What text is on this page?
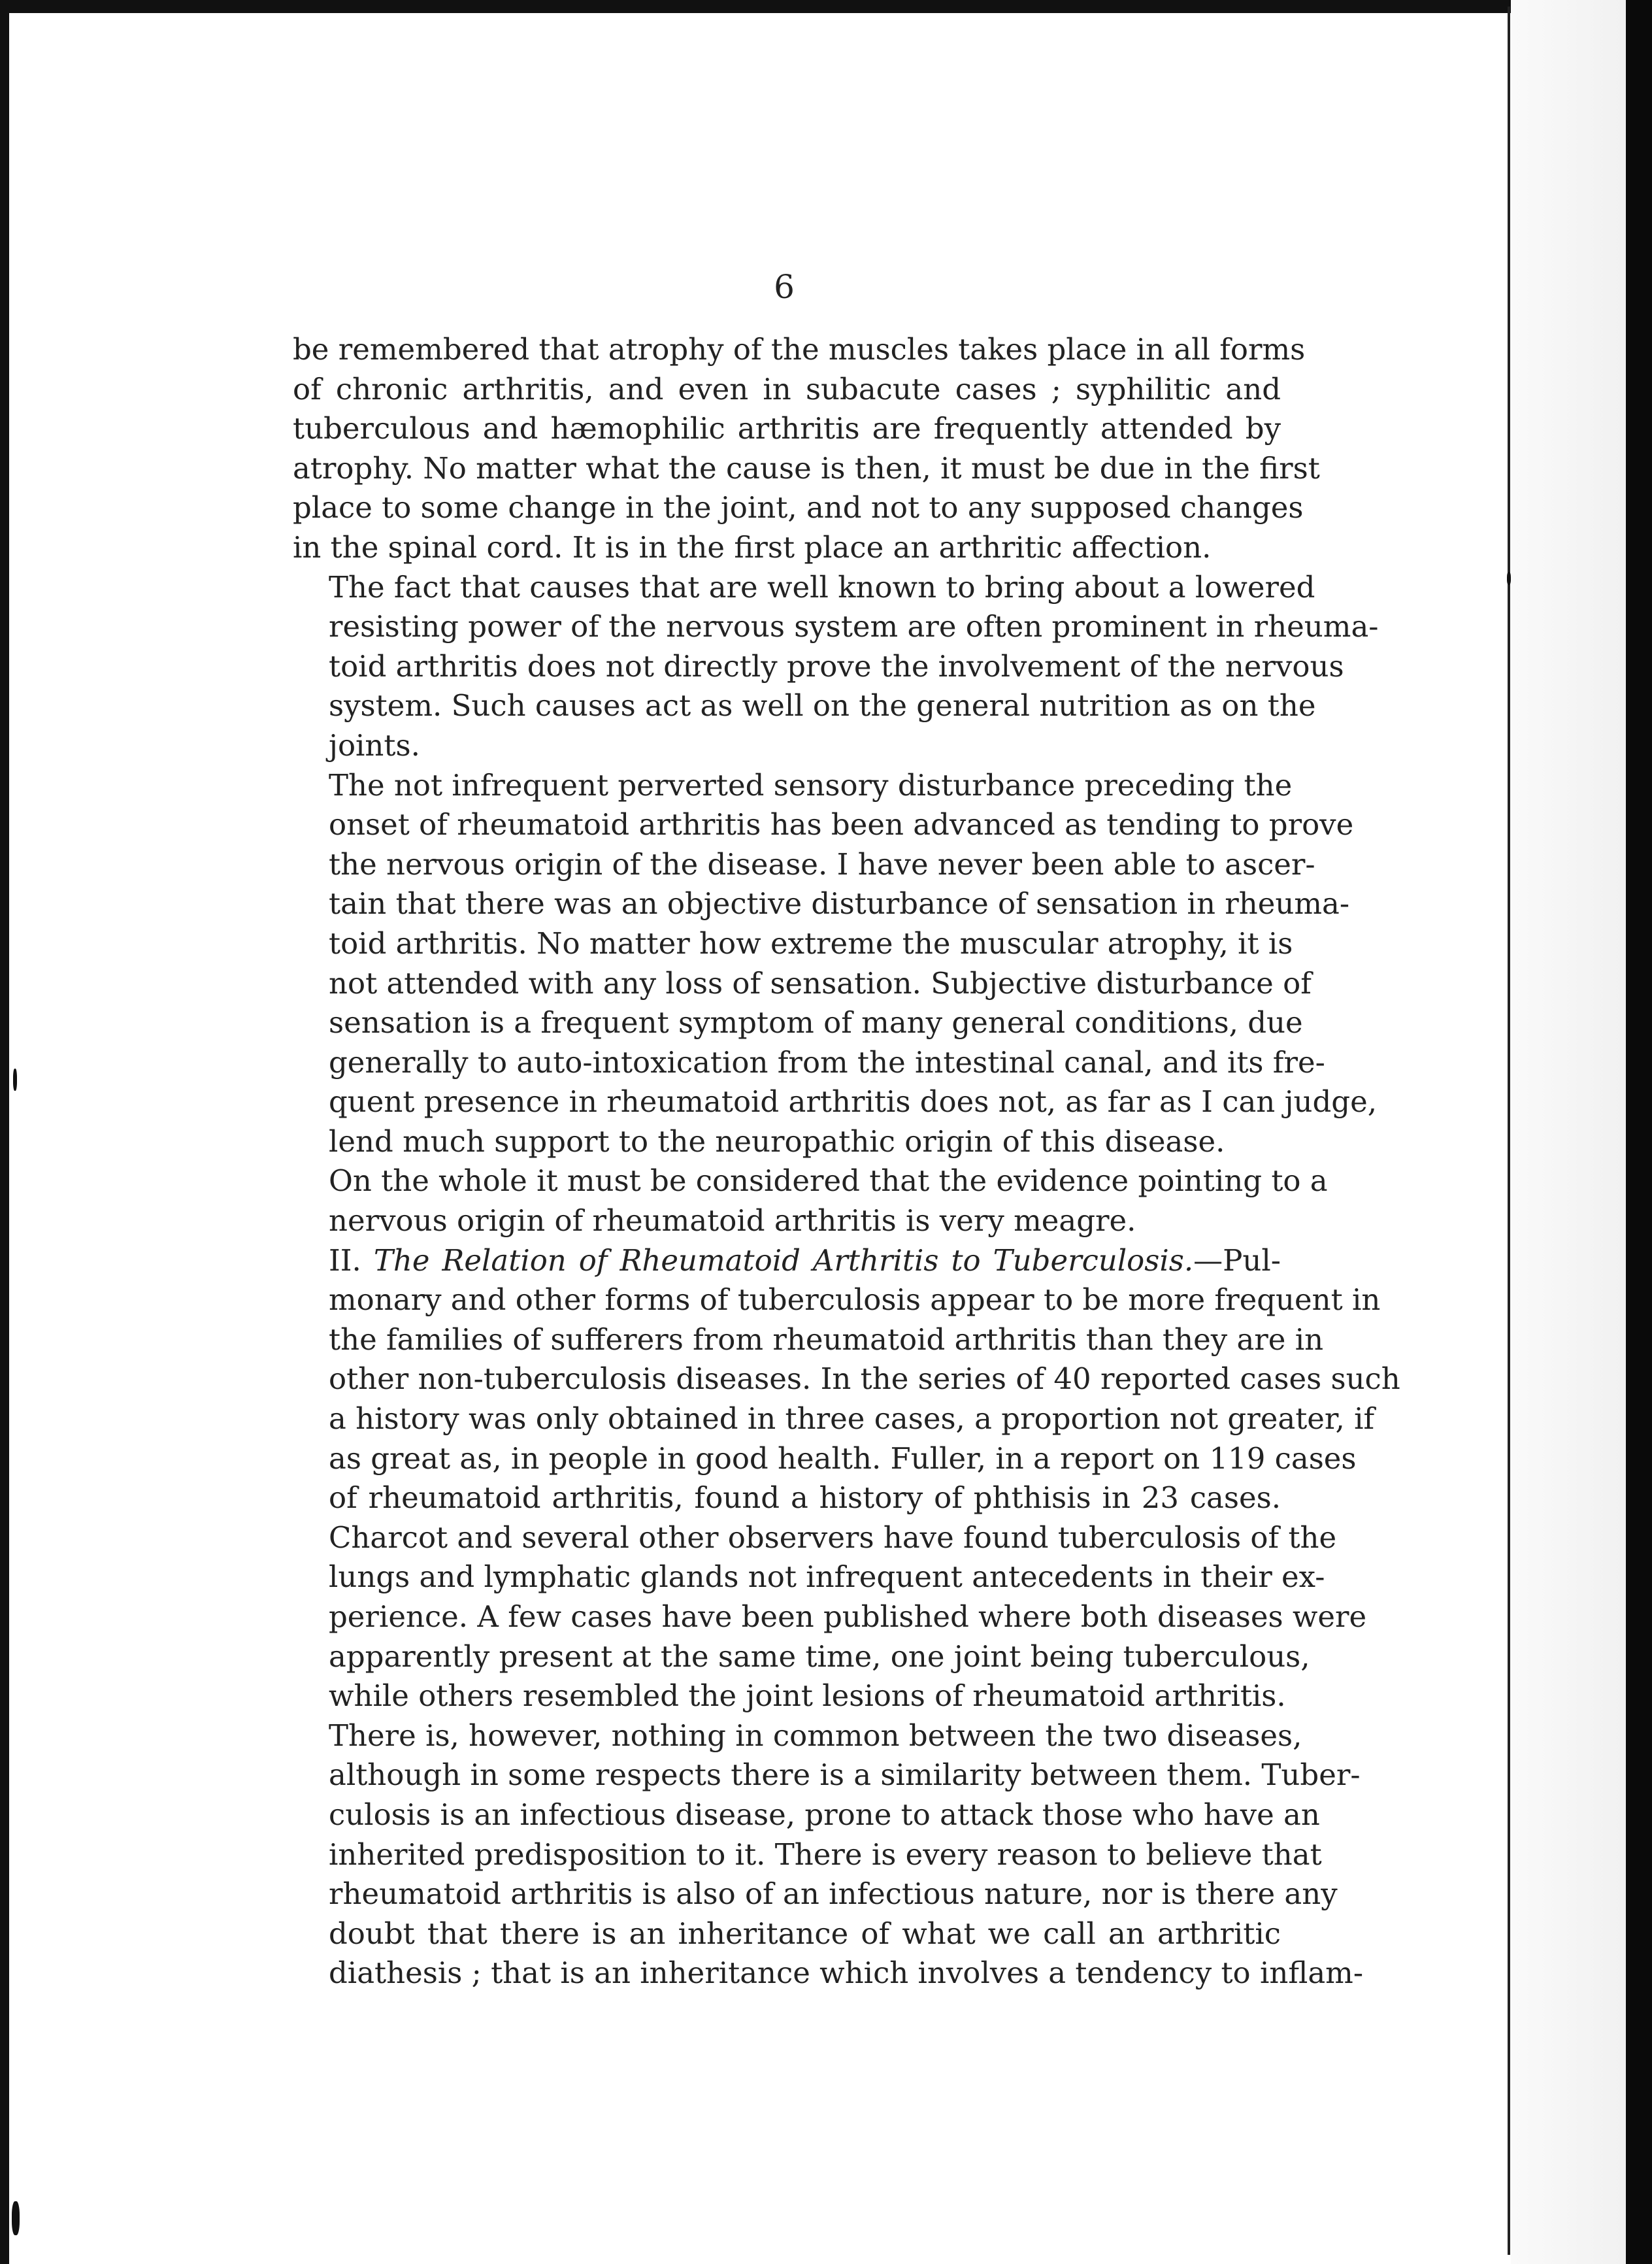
6

be remembered that atrophy of the muscles takes place in all forms
of chronic arthritis, and even in subacute cases ; syphilitic and
tuberculous and hæmophilic arthritis are frequently attended by
atrophy. No matter what the cause is then, it must be due in the first
place to some change in the joint, and not to any supposed changes
in the spinal cord. It is in the first place an arthritic affection.

The fact that causes that are well known to bring about a lowered
resisting power of the nervous system are often prominent in rheuma-
toid arthritis does not directly prove the involvement of the nervous
system. Such causes act as well on the general nutrition as on the
joints.

The not infrequent perverted sensory disturbance preceding the
onset of rheumatoid arthritis has been advanced as tending to prove
the nervous origin of the disease. I have never been able to ascer-
tain that there was an objective disturbance of sensation in rheuma-
toid arthritis. No matter how extreme the muscular atrophy, it is
not attended with any loss of sensation. Subjective disturbance of
sensation is a frequent symptom of many general conditions, due
generally to auto-intoxication from the intestinal canal, and its fre-
quent presence in rheumatoid arthritis does not, as far as I can judge,
lend much support to the neuropathic origin of this disease.

On the whole it must be considered that the evidence pointing to a
nervous origin of rheumatoid arthritis is very meagre.

II. The Relation of Rheumatoid Arthritis to Tuberculosis.—Pul-
monary and other forms of tuberculosis appear to be more frequent in
the families of sufferers from rheumatoid arthritis than they are in
other non-tuberculosis diseases. In the series of 40 reported cases such
a history was only obtained in three cases, a proportion not greater, if
as great as, in people in good health. Fuller, in a report on 119 cases
of rheumatoid arthritis, found a history of phthisis in 23 cases.
Charcot and several other observers have found tuberculosis of the
lungs and lymphatic glands not infrequent antecedents in their ex-
perience. A few cases have been published where both diseases were
apparently present at the same time, one joint being tuberculous,
while others resembled the joint lesions of rheumatoid arthritis.
There is, however, nothing in common between the two diseases,
although in some respects there is a similarity between them. Tuber-
culosis is an infectious disease, prone to attack those who have an
inherited predisposition to it. There is every reason to believe that
rheumatoid arthritis is also of an infectious nature, nor is there any
doubt that there is an inheritance of what we call an arthritic
diathesis ; that is an inheritance which involves a tendency to inflam-
